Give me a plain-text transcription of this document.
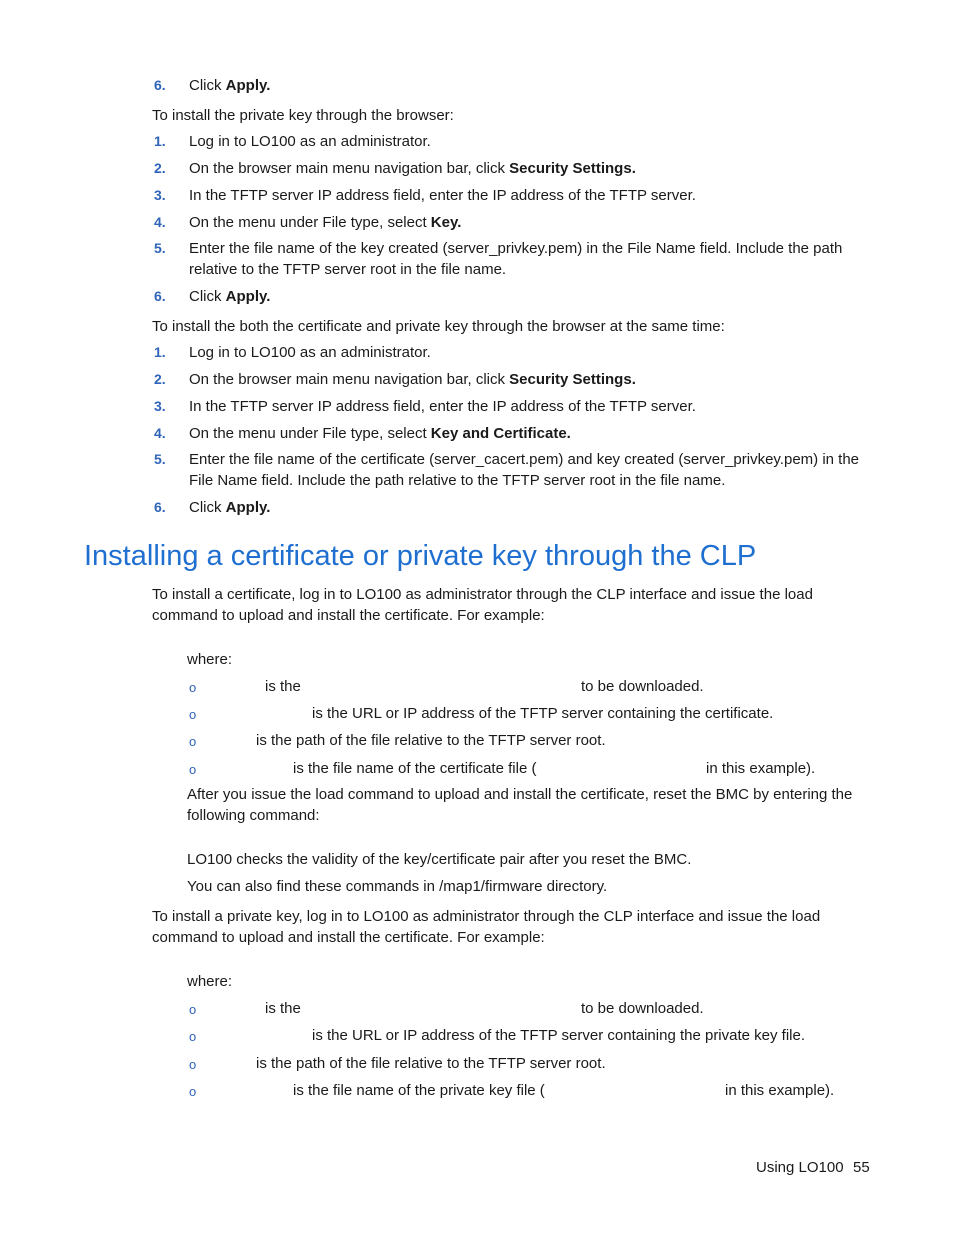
6. Click Apply.
To install the private key through the browser:
1. Log in to LO100 as an administrator.
2. On the browser main menu navigation bar, click Security Settings.
3. In the TFTP server IP address field, enter the IP address of the TFTP server.
4. On the menu under File type, select Key.
5. Enter the file name of the key created (server_privkey.pem) in the File Name field. Include the path
relative to the TFTP server root in the file name.
6. Click Apply.
To install the both the certificate and private key through the browser at the same time:
1. Log in to LO100 as an administrator.
2. On the browser main menu navigation bar, click Security Settings.
3. In the TFTP server IP address field, enter the IP address of the TFTP server.
4. On the menu under File type, select Key and Certificate.
5. Enter the file name of the certificate (server_cacert.pem) and key created (server_privkey.pem) in the
File Name field. Include the path relative to the TFTP server root in the file name.
6. Click Apply.
Installing a certificate or private key through the CLP
To install a certificate, log in to LO100 as administrator through the CLP interface and issue the load
command to upload and install the certificate. For example:
where:
o	is the	to be downloaded.
o	is the URL or IP address of the TFTP server containing the certificate.
o	is the path of the file relative to the TFTP server root.
o	is the file name of the certificate file (	in this example).
After you issue the load command to upload and install the certificate, reset the BMC by entering the
following command:
LO100 checks the validity of the key/certificate pair after you reset the BMC.
You can also find these commands in /map1/firmware directory.
To install a private key, log in to LO100 as administrator through the CLP interface and issue the load
command to upload and install the certificate. For example:
where:
o	is the	to be downloaded.
o	is the URL or IP address of the TFTP server containing the private key file.
o	is the path of the file relative to the TFTP server root.
o	is the file name of the private key file (	in this example).
Using LO100 55
